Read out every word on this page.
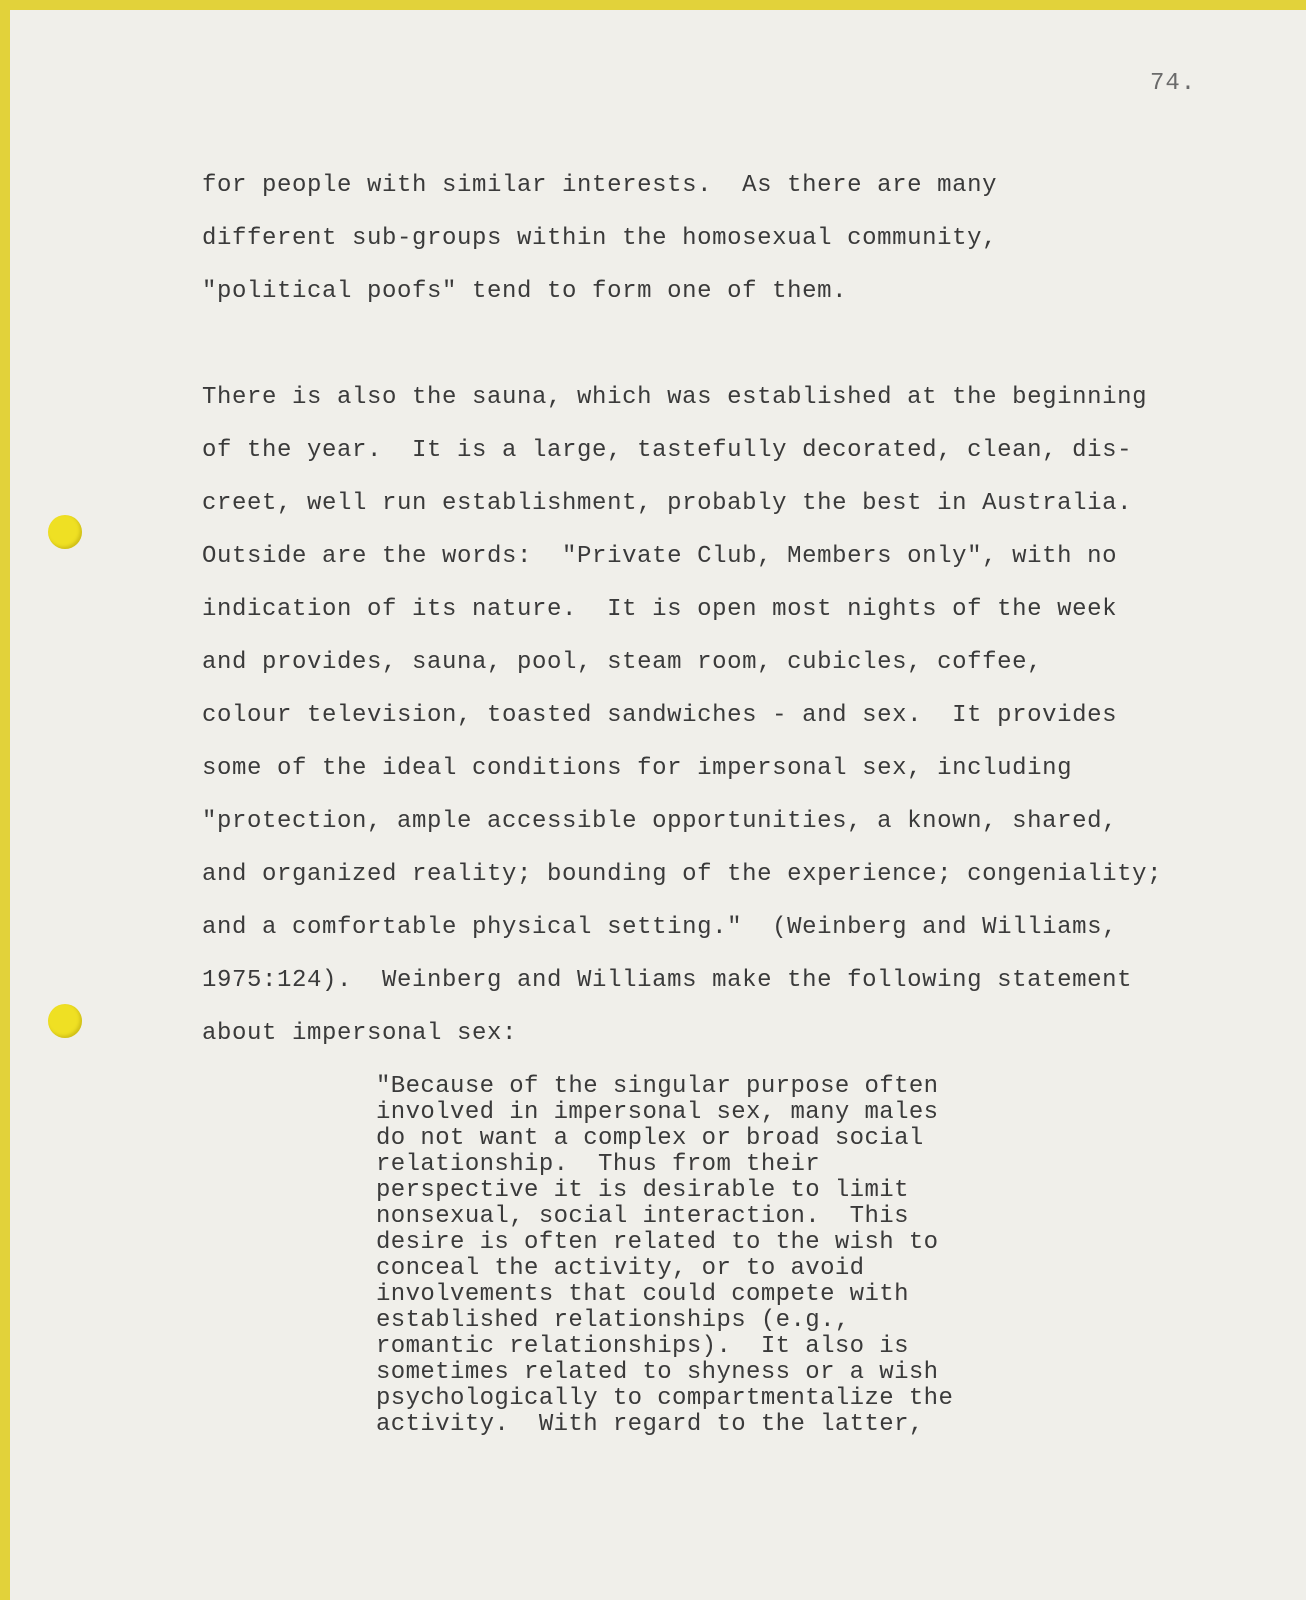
74.
for people with similar interests.  As there are many
different sub-groups within the homosexual community,
"political poofs" tend to form one of them.
There is also the sauna, which was established at the beginning
of the year.  It is a large, tastefully decorated, clean, dis-
creet, well run establishment, probably the best in Australia.
Outside are the words:  "Private Club, Members only", with no
indication of its nature.  It is open most nights of the week
and provides, sauna, pool, steam room, cubicles, coffee,
colour television, toasted sandwiches - and sex.  It provides
some of the ideal conditions for impersonal sex, including
"protection, ample accessible opportunities, a known, shared,
and organized reality; bounding of the experience; congeniality;
and a comfortable physical setting."  (Weinberg and Williams,
1975:124).  Weinberg and Williams make the following statement
about impersonal sex:
"Because of the singular purpose often
involved in impersonal sex, many males
do not want a complex or broad social
relationship.  Thus from their
perspective it is desirable to limit
nonsexual, social interaction.  This
desire is often related to the wish to
conceal the activity, or to avoid
involvements that could compete with
established relationships (e.g.,
romantic relationships).  It also is
sometimes related to shyness or a wish
psychologically to compartmentalize the
activity.  With regard to the latter,
